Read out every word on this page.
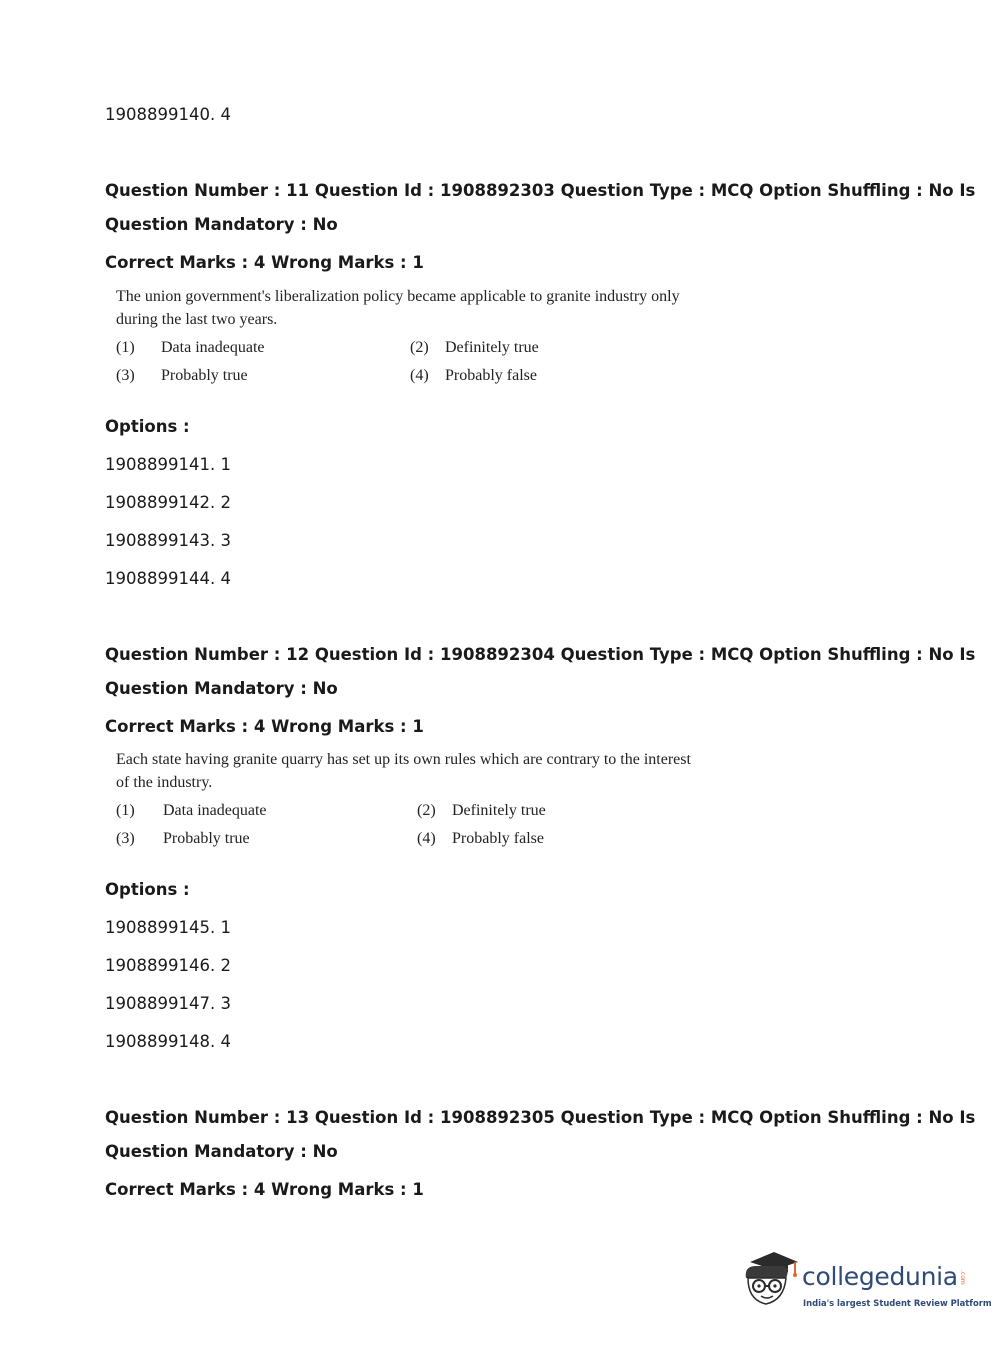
1908899140. 4
Question Number : 11 Question Id : 1908892303 Question Type : MCQ Option Shuffling : No Is
Question Mandatory : No
Correct Marks : 4 Wrong Marks : 1
The union government's liberalization policy became applicable to granite industry only
during the last two years.
(1) Data inadequate	(2) Definitely true
(3) Probably true	(4) Probably false
Options :
1908899141. 1
1908899142. 2
1908899143. 3
1908899144. 4
Question Number : 12 Question Id : 1908892304 Question Type : MCQ Option Shuffling : No Is
Question Mandatory : No
Correct Marks : 4 Wrong Marks : 1
Each state having granite quarry has set up its own rules which are contrary to the interest
of the industry.
(1) Data inadequate	(2) Definitely true
(3) Probably true	(4) Probably false
Options :
1908899145. 1
1908899146. 2
1908899147. 3
1908899148. 4
Question Number : 13 Question Id : 1908892305 Question Type : MCQ Option Shuffling : No Is
Question Mandatory : No
Correct Marks : 4 Wrong Marks : 1
collegedunia .com
India's largest Student Review Platform
